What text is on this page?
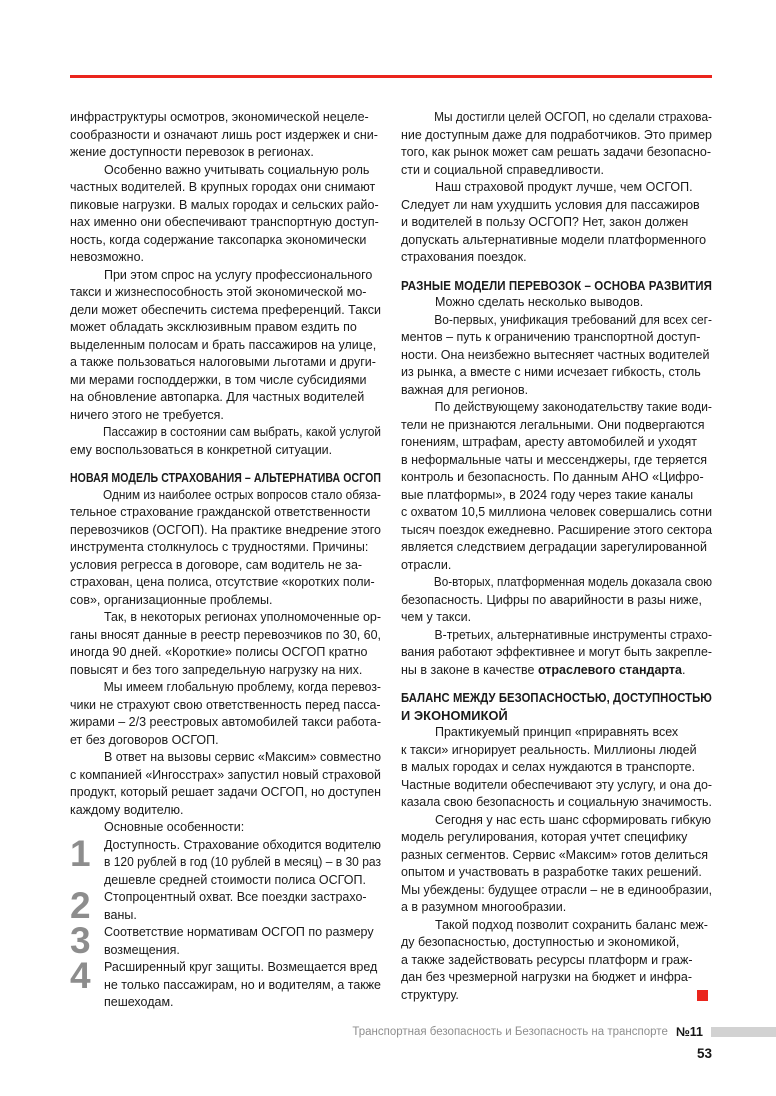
инфраструктуры осмотров, экономической нецеле-
сообразности и означают лишь рост издержек и сни-
жение доступности перевозок в регионах.
Особенно важно учитывать социальную роль
частных водителей. В крупных городах они снимают
пиковые нагрузки. В малых городах и сельских райо-
нах именно они обеспечивают транспортную доступ-
ность, когда содержание таксопарка экономически
невозможно.
При этом спрос на услугу профессионального
такси и жизнеспособность этой экономической мо-
дели может обеспечить система преференций. Такси
может обладать эксклюзивным правом ездить по
выделенным полосам и брать пассажиров на улице,
а также пользоваться налоговыми льготами и други-
ми мерами господдержки, в том числе субсидиями
на обновление автопарка. Для частных водителей
ничего этого не требуется.
Пассажир в состоянии сам выбрать, какой услугой
ему воспользоваться в конкретной ситуации.
НОВАЯ МОДЕЛЬ СТРАХОВАНИЯ – АЛЬТЕРНАТИВА ОСГОП
Одним из наиболее острых вопросов стало обяза-
тельное страхование гражданской ответственности
перевозчиков (ОСГОП). На практике внедрение этого
инструмента столкнулось с трудностями. Причины:
условия регресса в договоре, сам водитель не за-
страхован, цена полиса, отсутствие «коротких поли-
сов», организационные проблемы.
Так, в некоторых регионах уполномоченные ор-
ганы вносят данные в реестр перевозчиков по 30, 60,
иногда 90 дней. «Короткие» полисы ОСГОП кратно
повысят и без того запредельную нагрузку на них.
Мы имеем глобальную проблему, когда перевоз-
чики не страхуют свою ответственность перед пасса-
жирами – 2/3 реестровых автомобилей такси работа-
ет без договоров ОСГОП.
В ответ на вызовы сервис «Максим» совместно
с компанией «Ингосстрах» запустил новый страховой
продукт, который решает задачи ОСГОП, но доступен
каждому водителю.
Основные особенности:
1	Доступность. Страхование обходится водителю
в 120 рублей в год (10 рублей в месяц) – в 30 раз
дешевле средней стоимости полиса ОСГОП.
2	Стопроцентный охват. Все поездки застрахо-
ваны.
3	Соответствие нормативам ОСГОП по размеру
возмещения.
4	Расширенный круг защиты. Возмещается вред
не только пассажирам, но и водителям, а также
пешеходам.
Мы достигли целей ОСГОП, но сделали страхова-
ние доступным даже для подработчиков. Это пример
того, как рынок может сам решать задачи безопасно-
сти и социальной справедливости.
Наш страховой продукт лучше, чем ОСГОП.
Следует ли нам ухудшить условия для пассажиров
и водителей в пользу ОСГОП? Нет, закон должен
допускать альтернативные модели платформенного
страхования поездок.
РАЗНЫЕ МОДЕЛИ ПЕРЕВОЗОК – ОСНОВА РАЗВИТИЯ
Можно сделать несколько выводов.
Во-первых, унификация требований для всех сег-
ментов – путь к ограничению транспортной доступ-
ности. Она неизбежно вытесняет частных водителей
из рынка, а вместе с ними исчезает гибкость, столь
важная для регионов.
По действующему законодательству такие води-
тели не признаются легальными. Они подвергаются
гонениям, штрафам, аресту автомобилей и уходят
в неформальные чаты и мессенджеры, где теряется
контроль и безопасность. По данным АНО «Цифро-
вые платформы», в 2024 году через такие каналы
с охватом 10,5 миллиона человек совершались сотни
тысяч поездок ежедневно. Расширение этого сектора
является следствием деградации зарегулированной
отрасли.
Во-вторых, платформенная модель доказала свою
безопасность. Цифры по аварийности в разы ниже,
чем у такси.
В-третьих, альтернативные инструменты страхо-
вания работают эффективнее и могут быть закрепле-
ны в законе в качестве отраслевого стандарта.
БАЛАНС МЕЖДУ БЕЗОПАСНОСТЬЮ, ДОСТУПНОСТЬЮ
И ЭКОНОМИКОЙ
Практикуемый принцип «приравнять всех
к такси» игнорирует реальность. Миллионы людей
в малых городах и селах нуждаются в транспорте.
Частные водители обеспечивают эту услугу, и она до-
казала свою безопасность и социальную значимость.
Сегодня у нас есть шанс сформировать гибкую
модель регулирования, которая учтет специфику
разных сегментов. Сервис «Максим» готов делиться
опытом и участвовать в разработке таких решений.
Мы убеждены: будущее отрасли – не в единообразии,
а в разумном многообразии.
Такой подход позволит сохранить баланс меж-
ду безопасностью, доступностью и экономикой,
а также задействовать ресурсы платформ и граж-
дан без чрезмерной нагрузки на бюджет и инфра-
структуру.
Транспортная безопасность и Безопасность на транспорте №11
53
